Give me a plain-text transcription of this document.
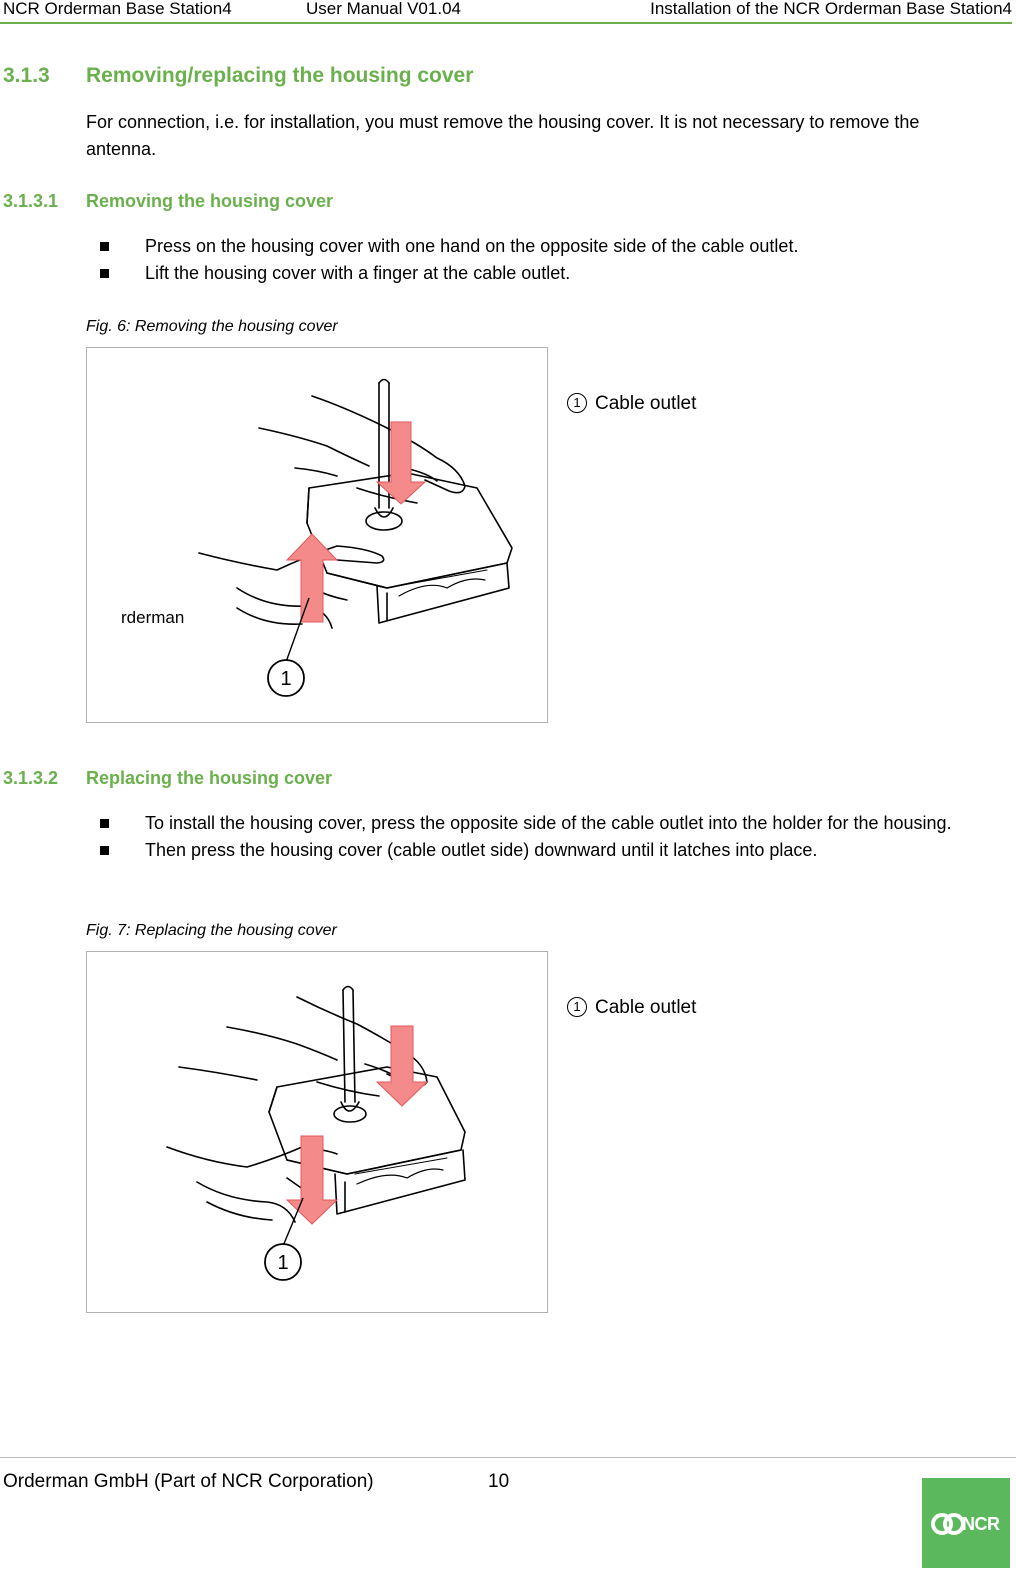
NCR Orderman Base Station4	User Manual V01.04	Installation of the NCR Orderman Base Station4
3.1.3 Removing/replacing the housing cover
For connection, i.e. for installation, you must remove the housing cover. It is not necessary to remove the antenna.
3.1.3.1 Removing the housing cover
Press on the housing cover with one hand on the opposite side of the cable outlet.
Lift the housing cover with a finger at the cable outlet.
Fig. 6: Removing the housing cover
1
rderman
1 Cable outlet
3.1.3.2 Replacing the housing cover
To install the housing cover, press the opposite side of the cable outlet into the holder for the housing.
Then press the housing cover (cable outlet side) downward until it latches into place.
Fig. 7: Replacing the housing cover
1
1 Cable outlet
Orderman GmbH (Part of NCR Corporation)	10
NCR
